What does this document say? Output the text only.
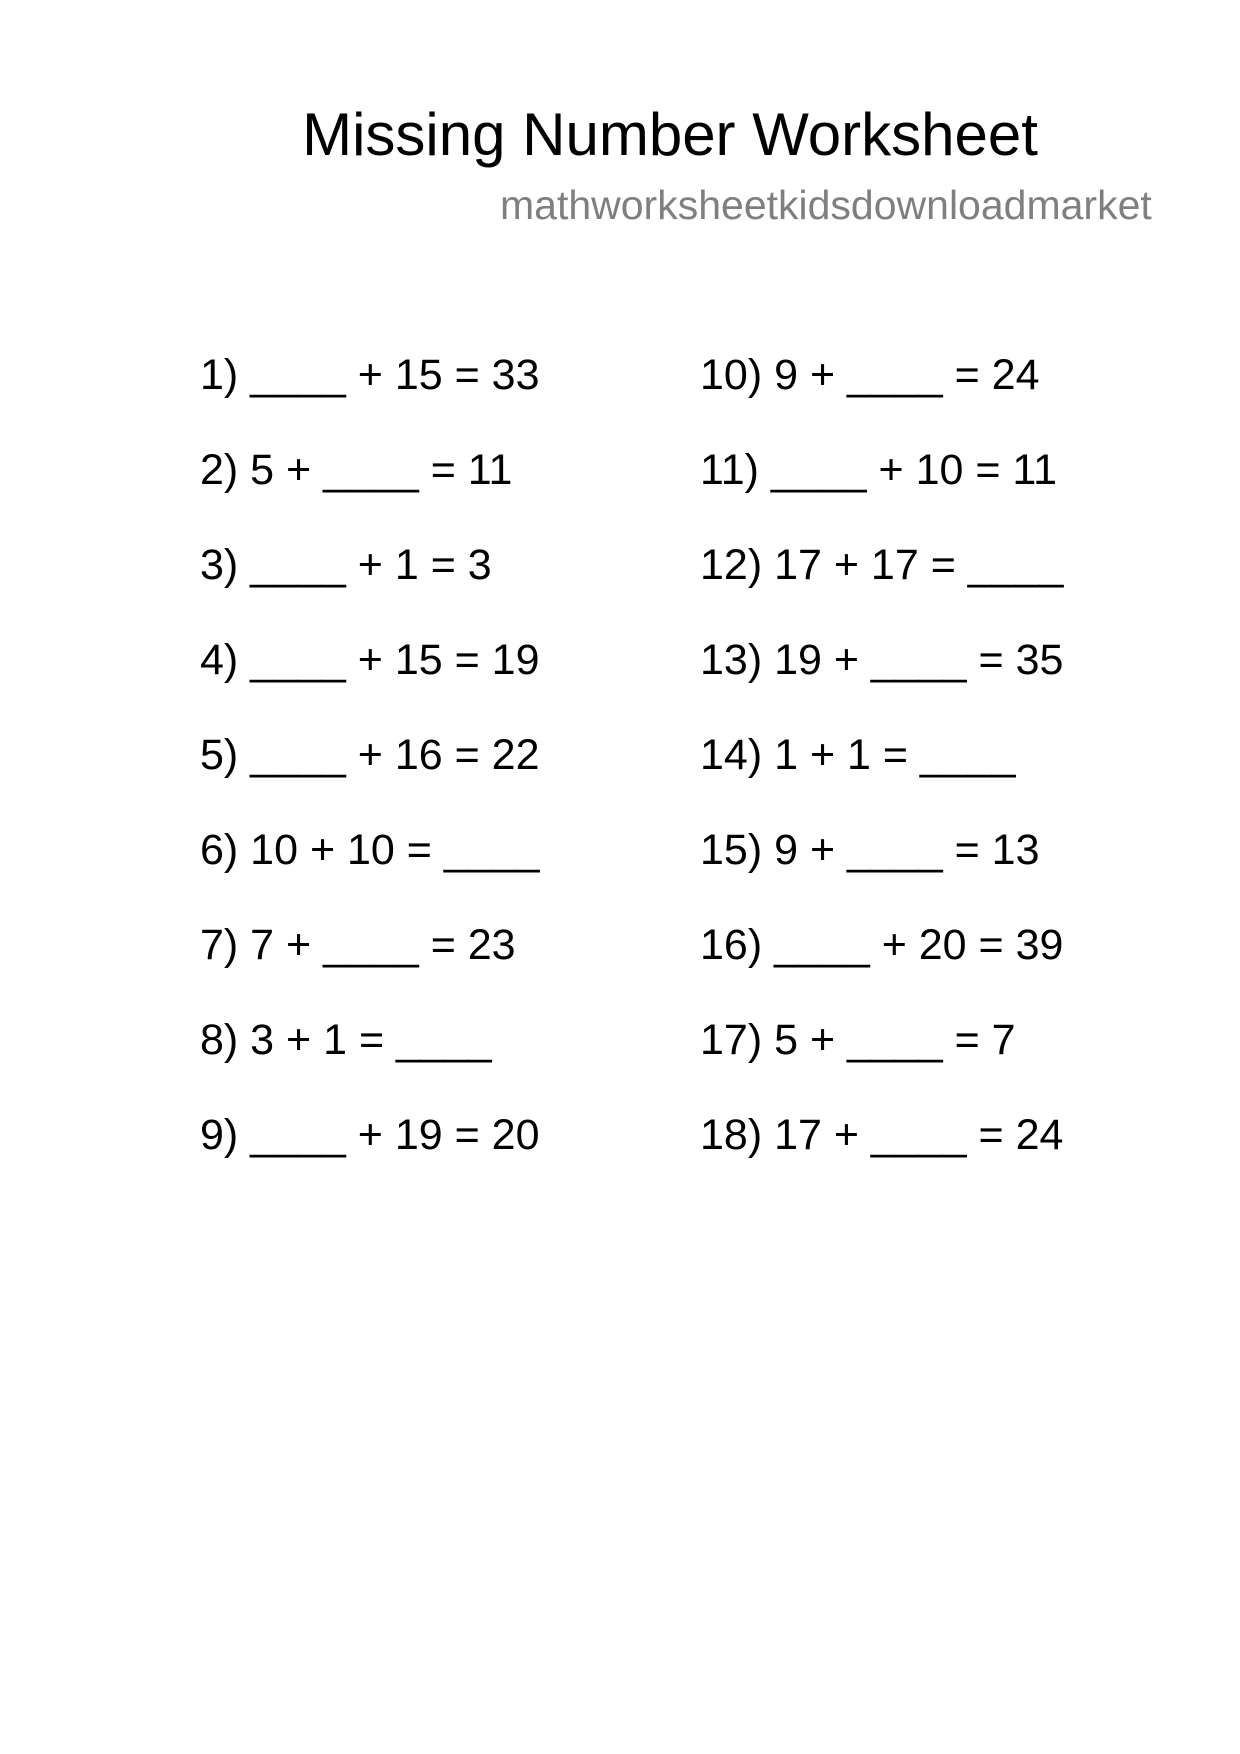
Missing Number Worksheet
mathworksheetkidsdownloadmarket
1) ____ + 15 = 33
2) 5 + ____ = 11
3) ____ + 1 = 3
4) ____ + 15 = 19
5) ____ + 16 = 22
6) 10 + 10 = ____
7) 7 + ____ = 23
8) 3 + 1 = ____
9) ____ + 19 = 20
10) 9 + ____ = 24
11) ____ + 10 = 11
12) 17 + 17 = ____
13) 19 + ____ = 35
14) 1 + 1 = ____
15) 9 + ____ = 13
16) ____ + 20 = 39
17) 5 + ____ = 7
18) 17 + ____ = 24
